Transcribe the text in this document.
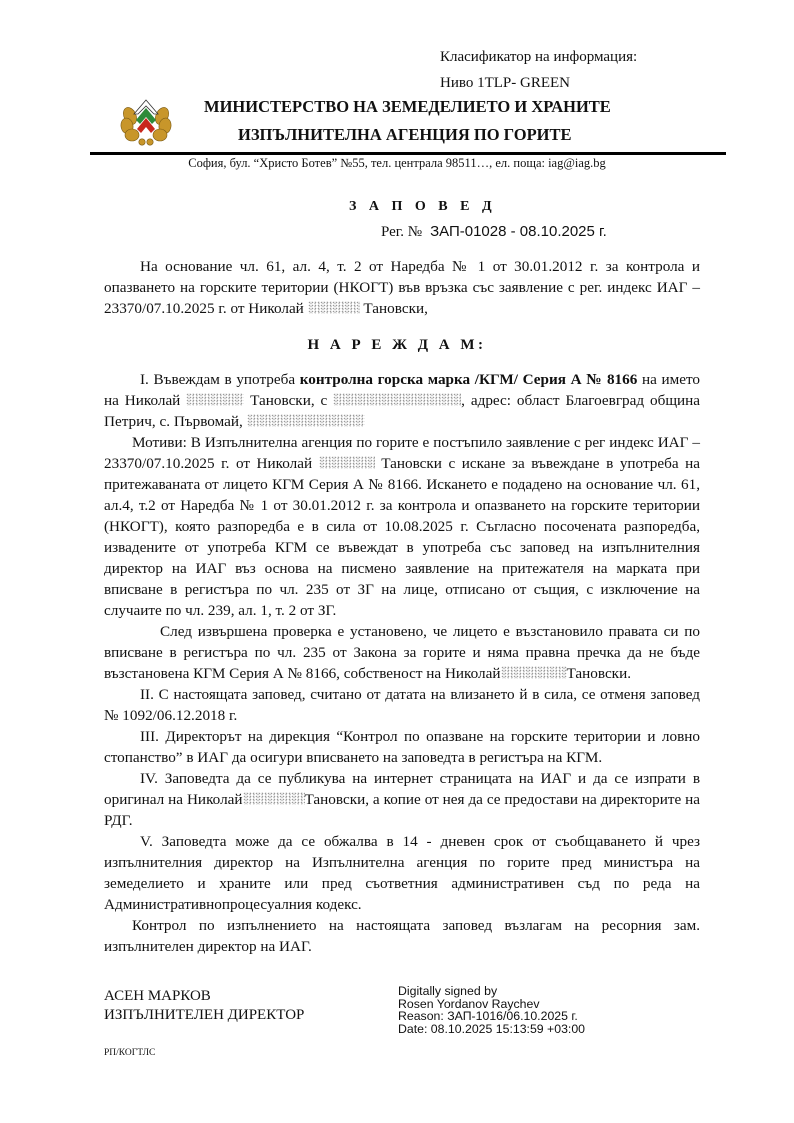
Класификатор на информация:
Ниво 1TLP- GREEN
МИНИСТЕРСТВО НА ЗЕМЕДЕЛИЕТО И ХРАНИТЕ
ИЗПЪЛНИТЕЛНА АГЕНЦИЯ ПО ГОРИТЕ
София, бул. “Христо Ботев” №55, тел. централа 98511…, ел. поща: iag@iag.bg
З А П О В Е Д
Рег. № ЗАП-01028 - 08.10.2025 г.

На основание чл. 61, ал. 4, т. 2 от Наредба № 1 от 30.01.2012 г. за контрола и опазването на горските територии (НКОГТ) във връзка със заявление с рег. индекс ИАГ – 23370/07.10.2025 г. от Николай	Тановски,

Н А Р Е Ж Д А М:

I. Въвеждам в употреба контролна горска марка /КГМ/ Серия А № 8166 на името на Николай	Тановски, с	, адрес: област Благоевград община Петрич, с. Първомай,

Мотиви: В Изпълнителна агенция по горите е постъпило заявление с рег индекс ИАГ – 23370/07.10.2025 г. от Николай	Тановски с искане за въвеждане в употреба на притежаваната от лицето КГМ Серия А № 8166. Искането е подадено на основание чл. 61, ал.4, т.2 от Наредба № 1 от 30.01.2012 г. за контрола и опазването на горските територии (НКОГТ), която разпоредба е в сила от 10.08.2025 г. Съгласно посочената разпоредба, извадените от употреба КГМ се въвеждат в употреба със заповед на изпълнителния директор на ИАГ въз основа на писмено заявление на притежателя на марката при вписване в регистъра по чл. 235 от ЗГ на лице, отписано от същия, с изключение на случаите по чл. 239, ал. 1, т. 2 от ЗГ.

След извършена проверка е установено, че лицето е възстановило правата си по вписване в регистъра по чл. 235 от Закона за горите и няма правна пречка да не бъде възстановена КГМ Серия А № 8166, собственост на Николай	Тановски.

II. С настоящата заповед, считано от датата на влизането й в сила, се отменя заповед № 1092/06.12.2018 г.

III. Директорът на дирекция “Контрол по опазване на горските територии и ловно стопанство” в ИАГ да осигури вписването на заповедта в регистъра на КГМ.

IV. Заповедта да се публикува на интернет страницата на ИАГ и да се изпрати в оригинал на Николай	Тановски, а копие от нея да се предостави на директорите на РДГ.

V. Заповедта може да се обжалва в 14 - дневен срок от съобщаването й чрез изпълнителния директор на Изпълнителна агенция по горите пред министъра на земеделието и храните или пред съответния административен съд по реда на Административнопроцесуалния кодекс.

Контрол по изпълнението на настоящата заповед възлагам на ресорния зам. изпълнителен директор на ИАГ.

АСЕН МАРКОВ
ИЗПЪЛНИТЕЛЕН ДИРЕКТОР
Digitally signed by
Rosen Yordanov Raychev
Reason: ЗАП-1016/06.10.2025 г.
Date: 08.10.2025 15:13:59 +03:00
РП/КОГТЛС
